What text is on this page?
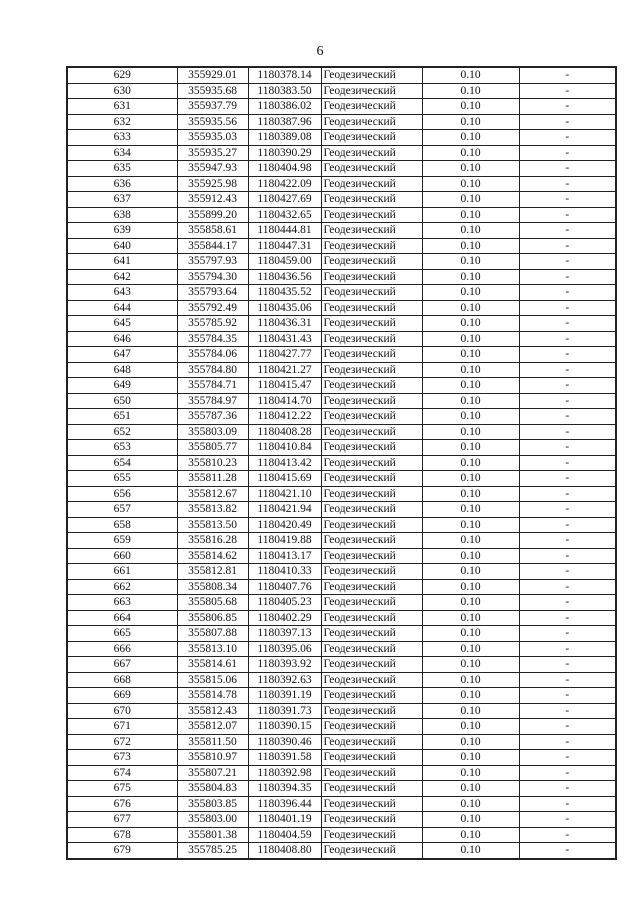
6
629	355929.01	1180378.14	Геодезический	0.10	-
630	355935.68	1180383.50	Геодезический	0.10	-
631	355937.79	1180386.02	Геодезический	0.10	-
632	355935.56	1180387.96	Геодезический	0.10	-
633	355935.03	1180389.08	Геодезический	0.10	-
634	355935.27	1180390.29	Геодезический	0.10	-
635	355947.93	1180404.98	Геодезический	0.10	-
636	355925.98	1180422.09	Геодезический	0.10	-
637	355912.43	1180427.69	Геодезический	0.10	-
638	355899.20	1180432.65	Геодезический	0.10	-
639	355858.61	1180444.81	Геодезический	0.10	-
640	355844.17	1180447.31	Геодезический	0.10	-
641	355797.93	1180459.00	Геодезический	0.10	-
642	355794.30	1180436.56	Геодезический	0.10	-
643	355793.64	1180435.52	Геодезический	0.10	-
644	355792.49	1180435.06	Геодезический	0.10	-
645	355785.92	1180436.31	Геодезический	0.10	-
646	355784.35	1180431.43	Геодезический	0.10	-
647	355784.06	1180427.77	Геодезический	0.10	-
648	355784.80	1180421.27	Геодезический	0.10	-
649	355784.71	1180415.47	Геодезический	0.10	-
650	355784.97	1180414.70	Геодезический	0.10	-
651	355787.36	1180412.22	Геодезический	0.10	-
652	355803.09	1180408.28	Геодезический	0.10	-
653	355805.77	1180410.84	Геодезический	0.10	-
654	355810.23	1180413.42	Геодезический	0.10	-
655	355811.28	1180415.69	Геодезический	0.10	-
656	355812.67	1180421.10	Геодезический	0.10	-
657	355813.82	1180421.94	Геодезический	0.10	-
658	355813.50	1180420.49	Геодезический	0.10	-
659	355816.28	1180419.88	Геодезический	0.10	-
660	355814.62	1180413.17	Геодезический	0.10	-
661	355812.81	1180410.33	Геодезический	0.10	-
662	355808.34	1180407.76	Геодезический	0.10	-
663	355805.68	1180405.23	Геодезический	0.10	-
664	355806.85	1180402.29	Геодезический	0.10	-
665	355807.88	1180397.13	Геодезический	0.10	-
666	355813.10	1180395.06	Геодезический	0.10	-
667	355814.61	1180393.92	Геодезический	0.10	-
668	355815.06	1180392.63	Геодезический	0.10	-
669	355814.78	1180391.19	Геодезический	0.10	-
670	355812.43	1180391.73	Геодезический	0.10	-
671	355812.07	1180390.15	Геодезический	0.10	-
672	355811.50	1180390.46	Геодезический	0.10	-
673	355810.97	1180391.58	Геодезический	0.10	-
674	355807.21	1180392.98	Геодезический	0.10	-
675	355804.83	1180394.35	Геодезический	0.10	-
676	355803.85	1180396.44	Геодезический	0.10	-
677	355803.00	1180401.19	Геодезический	0.10	-
678	355801.38	1180404.59	Геодезический	0.10	-
679	355785.25	1180408.80	Геодезический	0.10	-
